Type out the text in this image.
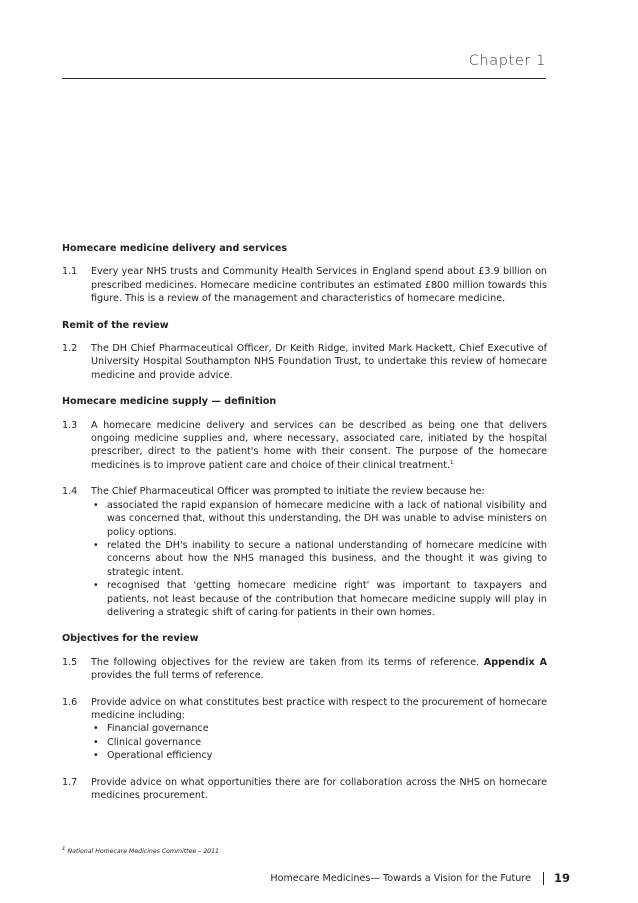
Chapter 1
Homecare medicine delivery and services
1.1	Every year NHS trusts and Community Health Services in England spend about £3.9 billion on prescribed medicines. Homecare medicine contributes an estimated £800 million towards this figure. This is a review of the management and characteristics of homecare medicine.

Remit of the review
1.2	The DH Chief Pharmaceutical Officer, Dr Keith Ridge, invited Mark Hackett, Chief Executive of University Hospital Southampton NHS Foundation Trust, to undertake this review of homecare medicine and provide advice.

Homecare medicine supply — definition
1.3	A homecare medicine delivery and services can be described as being one that delivers ongoing medicine supplies and, where necessary, associated care, initiated by the hospital prescriber, direct to the patient's home with their consent. The purpose of the homecare medicines is to improve patient care and choice of their clinical treatment.$^1$

1.4	The Chief Pharmaceutical Officer was prompted to initiate the review because he:

• associated the rapid expansion of homecare medicine with a lack of national visibility and was concerned that, without this understanding, the DH was unable to advise ministers on policy options.
• related the DH's inability to secure a national understanding of homecare medicine with concerns about how the NHS managed this business, and the thought it was giving to strategic intent.
• recognised that 'getting homecare medicine right' was important to taxpayers and patients, not least because of the contribution that homecare medicine supply will play in delivering a strategic shift of caring for patients in their own homes.
Objectives for the review
1.5	The following objectives for the review are taken from its terms of reference. Appendix A provides the full terms of reference.

1.6	Provide advice on what constitutes best practice with respect to the procurement of homecare medicine including:

• Financial governance
• Clinical governance
• Operational efficiency
1.7	Provide advice on what opportunities there are for collaboration across the NHS on homecare medicines procurement.

$^1$ National Homecare Medicines Committee – 2011
Homecare Medicines — Towards a Vision for the Future 19
